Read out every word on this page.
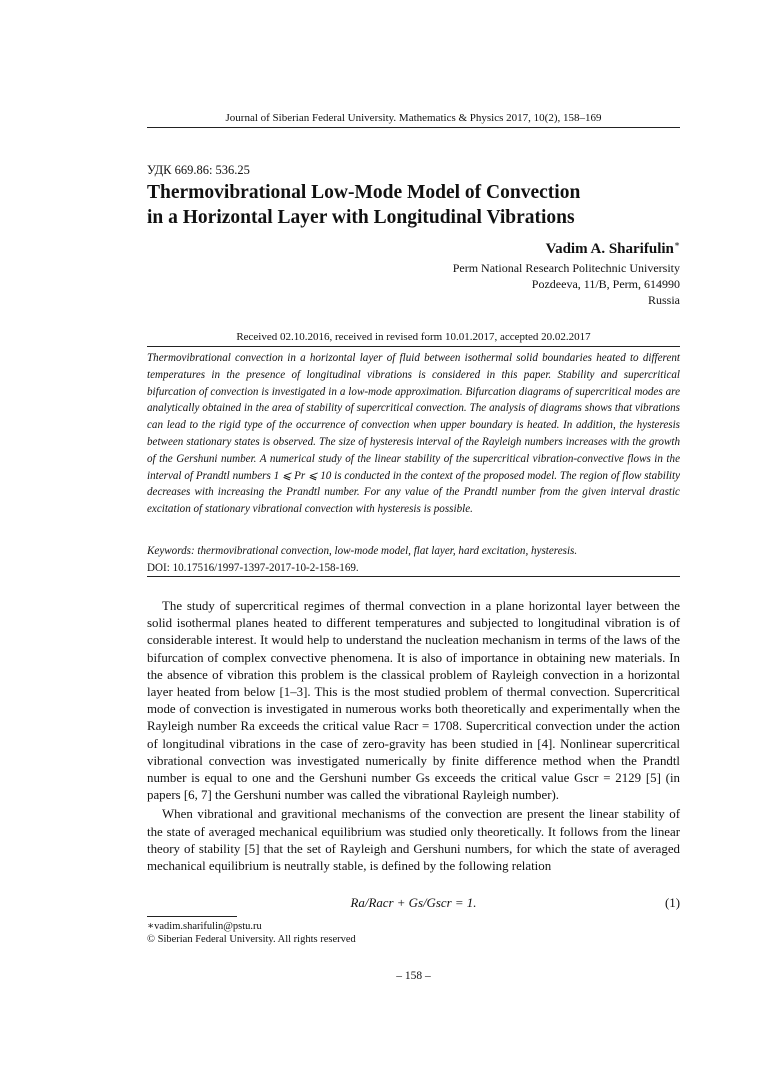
Journal of Siberian Federal University. Mathematics & Physics 2017, 10(2), 158–169
УДК 669.86: 536.25
Thermovibrational Low-Mode Model of Convection
in a Horizontal Layer with Longitudinal Vibrations
Vadim A. Sharifulin∗
Perm National Research Politechnic University
Pozdeeva, 11/B, Perm, 614990
Russia
Received 02.10.2016, received in revised form 10.01.2017, accepted 20.02.2017
Thermovibrational convection in a horizontal layer of fluid between isothermal solid boundaries heated to different temperatures in the presence of longitudinal vibrations is considered in this paper. Stability and supercritical bifurcation of convection is investigated in a low-mode approximation. Bifurcation diagrams of supercritical modes are analytically obtained in the area of stability of supercritical convection. The analysis of diagrams shows that vibrations can lead to the rigid type of the occurrence of convection when upper boundary is heated. In addition, the hysteresis between stationary states is observed. The size of hysteresis interval of the Rayleigh numbers increases with the growth of the Gershuni number. A numerical study of the linear stability of the supercritical vibration-convective flows in the interval of Prandtl numbers 1 ⩽ Pr ⩽ 10 is conducted in the context of the proposed model. The region of flow stability decreases with increasing the Prandtl number. For any value of the Prandtl number from the given interval drastic excitation of stationary vibrational convection with hysteresis is possible.
Keywords: thermovibrational convection, low-mode model, flat layer, hard excitation, hysteresis.
DOI: 10.17516/1997-1397-2017-10-2-158-169.

The study of supercritical regimes of thermal convection in a plane horizontal layer between the solid isothermal planes heated to different temperatures and subjected to longitudinal vibration is of considerable interest. It would help to understand the nucleation mechanism in terms of the laws of the bifurcation of complex convective phenomena. It is also of importance in obtaining new materials. In the absence of vibration this problem is the classical problem of Rayleigh convection in a horizontal layer heated from below [1–3]. This is the most studied problem of thermal convection. Supercritical mode of convection is investigated in numerous works both theoretically and experimentally when the Rayleigh number Ra exceeds the critical value Racr = 1708. Supercritical convection under the action of longitudinal vibrations in the case of zero-gravity has been studied in [4]. Nonlinear supercritical vibrational convection was investigated numerically by finite difference method when the Prandtl number is equal to one and the Gershuni number Gs exceeds the critical value Gscr = 2129 [5] (in papers [6, 7] the Gershuni number was called the vibrational Rayleigh number).

When vibrational and gravitional mechanisms of the convection are present the linear stability of the state of averaged mechanical equilibrium was studied only theoretically. It follows from the linear theory of stability [5] that the set of Rayleigh and Gershuni numbers, for which the state of averaged mechanical equilibrium is neutrally stable, is defined by the following relation

Ra/Racr + Gs/Gscr = 1.	(1)
∗vadim.sharifulin@pstu.ru
© Siberian Federal University. All rights reserved
– 158 –
